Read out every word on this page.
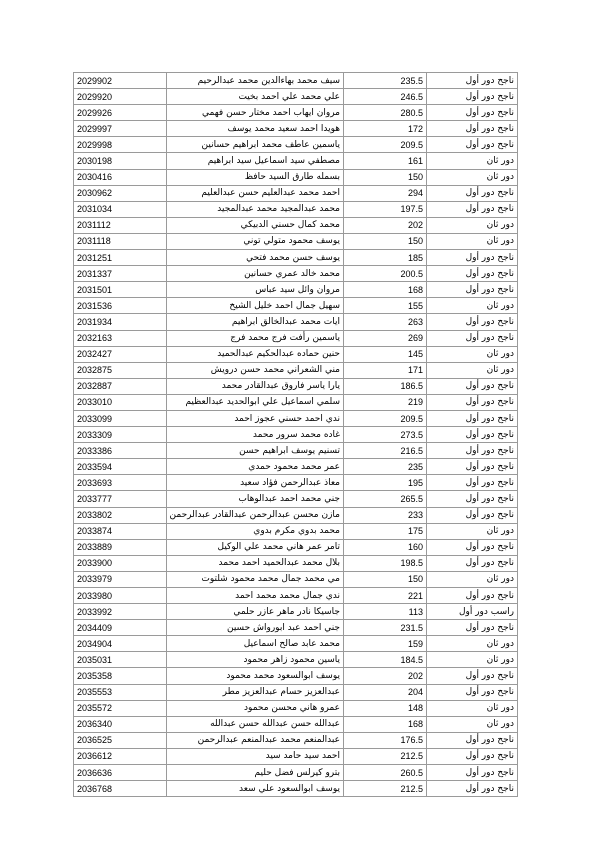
2029902	سيف محمد بهاءالدين محمد عبدالرحيم	235.5	ناجح دور أول
2029920	علي محمد علي احمد بخيت	246.5	ناجح دور أول
2029926	مروان ايهاب احمد مختار حسن فهمي	280.5	ناجح دور أول
2029997	هويدا احمد سعيد محمد يوسف	172	ناجح دور أول
2029998	ياسمين عاطف محمد ابراهيم حسانين	209.5	ناجح دور أول
2030198	مصطفي سيد اسماعيل سيد ابراهيم	161	دور ثان
2030416	بسمله طارق السيد حافظ	150	دور ثان
2030962	احمد محمد عبدالعليم حسن عبدالعليم	294	ناجح دور أول
2031034	محمد عبدالمجيد محمد عبدالمجيد	197.5	ناجح دور أول
2031112	محمد كمال حسني الدبيكي	202	دور ثان
2031118	يوسف محمود متولي توني	150	دور ثان
2031251	يوسف حسن محمد فتحي	185	ناجح دور أول
2031337	محمد خالد عمري حسانين	200.5	ناجح دور أول
2031501	مروان وائل سيد عباس	168	ناجح دور أول
2031536	سهيل جمال احمد خليل الشيخ	155	دور ثان
2031934	ايات محمد عبدالخالق ابراهيم	263	ناجح دور أول
2032163	ياسمين رأفت فرج محمد فرج	269	ناجح دور أول
2032427	حنين حماده عبدالحكيم عبدالحميد	145	دور ثان
2032875	مني الشعراني محمد حسن درويش	171	دور ثان
2032887	يارا ياسر فاروق عبدالقادر محمد	186.5	ناجح دور أول
2033010	سلمي اسماعيل علي ابوالحديد عبدالعظيم	219	ناجح دور أول
2033099	ندي احمد حسني عجوز احمد	209.5	ناجح دور أول
2033309	غاده محمد سرور محمد	273.5	ناجح دور أول
2033386	تسنيم يوسف ابراهيم حسن	216.5	ناجح دور أول
2033594	عمر محمد محمود حمدي	235	ناجح دور أول
2033693	معاذ عبدالرحمن فؤاد سعيد	195	ناجح دور أول
2033777	جني محمد احمد عبدالوهاب	265.5	ناجح دور أول
2033802	مازن محسن عبدالرحمن عبدالقادر عبدالرحمن	233	ناجح دور أول
2033874	محمد بدوي مكرم بدوي	175	دور ثان
2033889	تامر عمر هاني محمد علي الوكيل	160	ناجح دور أول
2033900	بلال محمد عبدالحميد احمد محمد	198.5	ناجح دور أول
2033979	مي محمد جمال محمد محمود شلتوت	150	دور ثان
2033980	ندي جمال محمد محمد احمد	221	ناجح دور أول
2033992	جاسيكا نادر ماهر عازر حلمي	113	راسب دور أول
2034409	جني احمد عبد ابورواش حسين	231.5	ناجح دور أول
2034904	محمد عابد صالح اسماعيل	159	دور ثان
2035031	ياسين محمود زاهر محمود	184.5	دور ثان
2035358	يوسف ابوالسعود محمد محمود	202	ناجح دور أول
2035553	عبدالعزيز حسام عبدالعزيز مطر	204	ناجح دور أول
2035572	عمرو هاني محسن محمود	148	دور ثان
2036340	عبدالله حسن عبدالله حسن عبدالله	168	دور ثان
2036525	عبدالمنعم محمد عبدالمنعم عبدالرحمن	176.5	ناجح دور أول
2036612	احمد سيد حامد سيد	212.5	ناجح دور أول
2036636	بترو كيرلس فضل حليم	260.5	ناجح دور أول
2036768	يوسف ابوالسعود علي سعد	212.5	ناجح دور أول
